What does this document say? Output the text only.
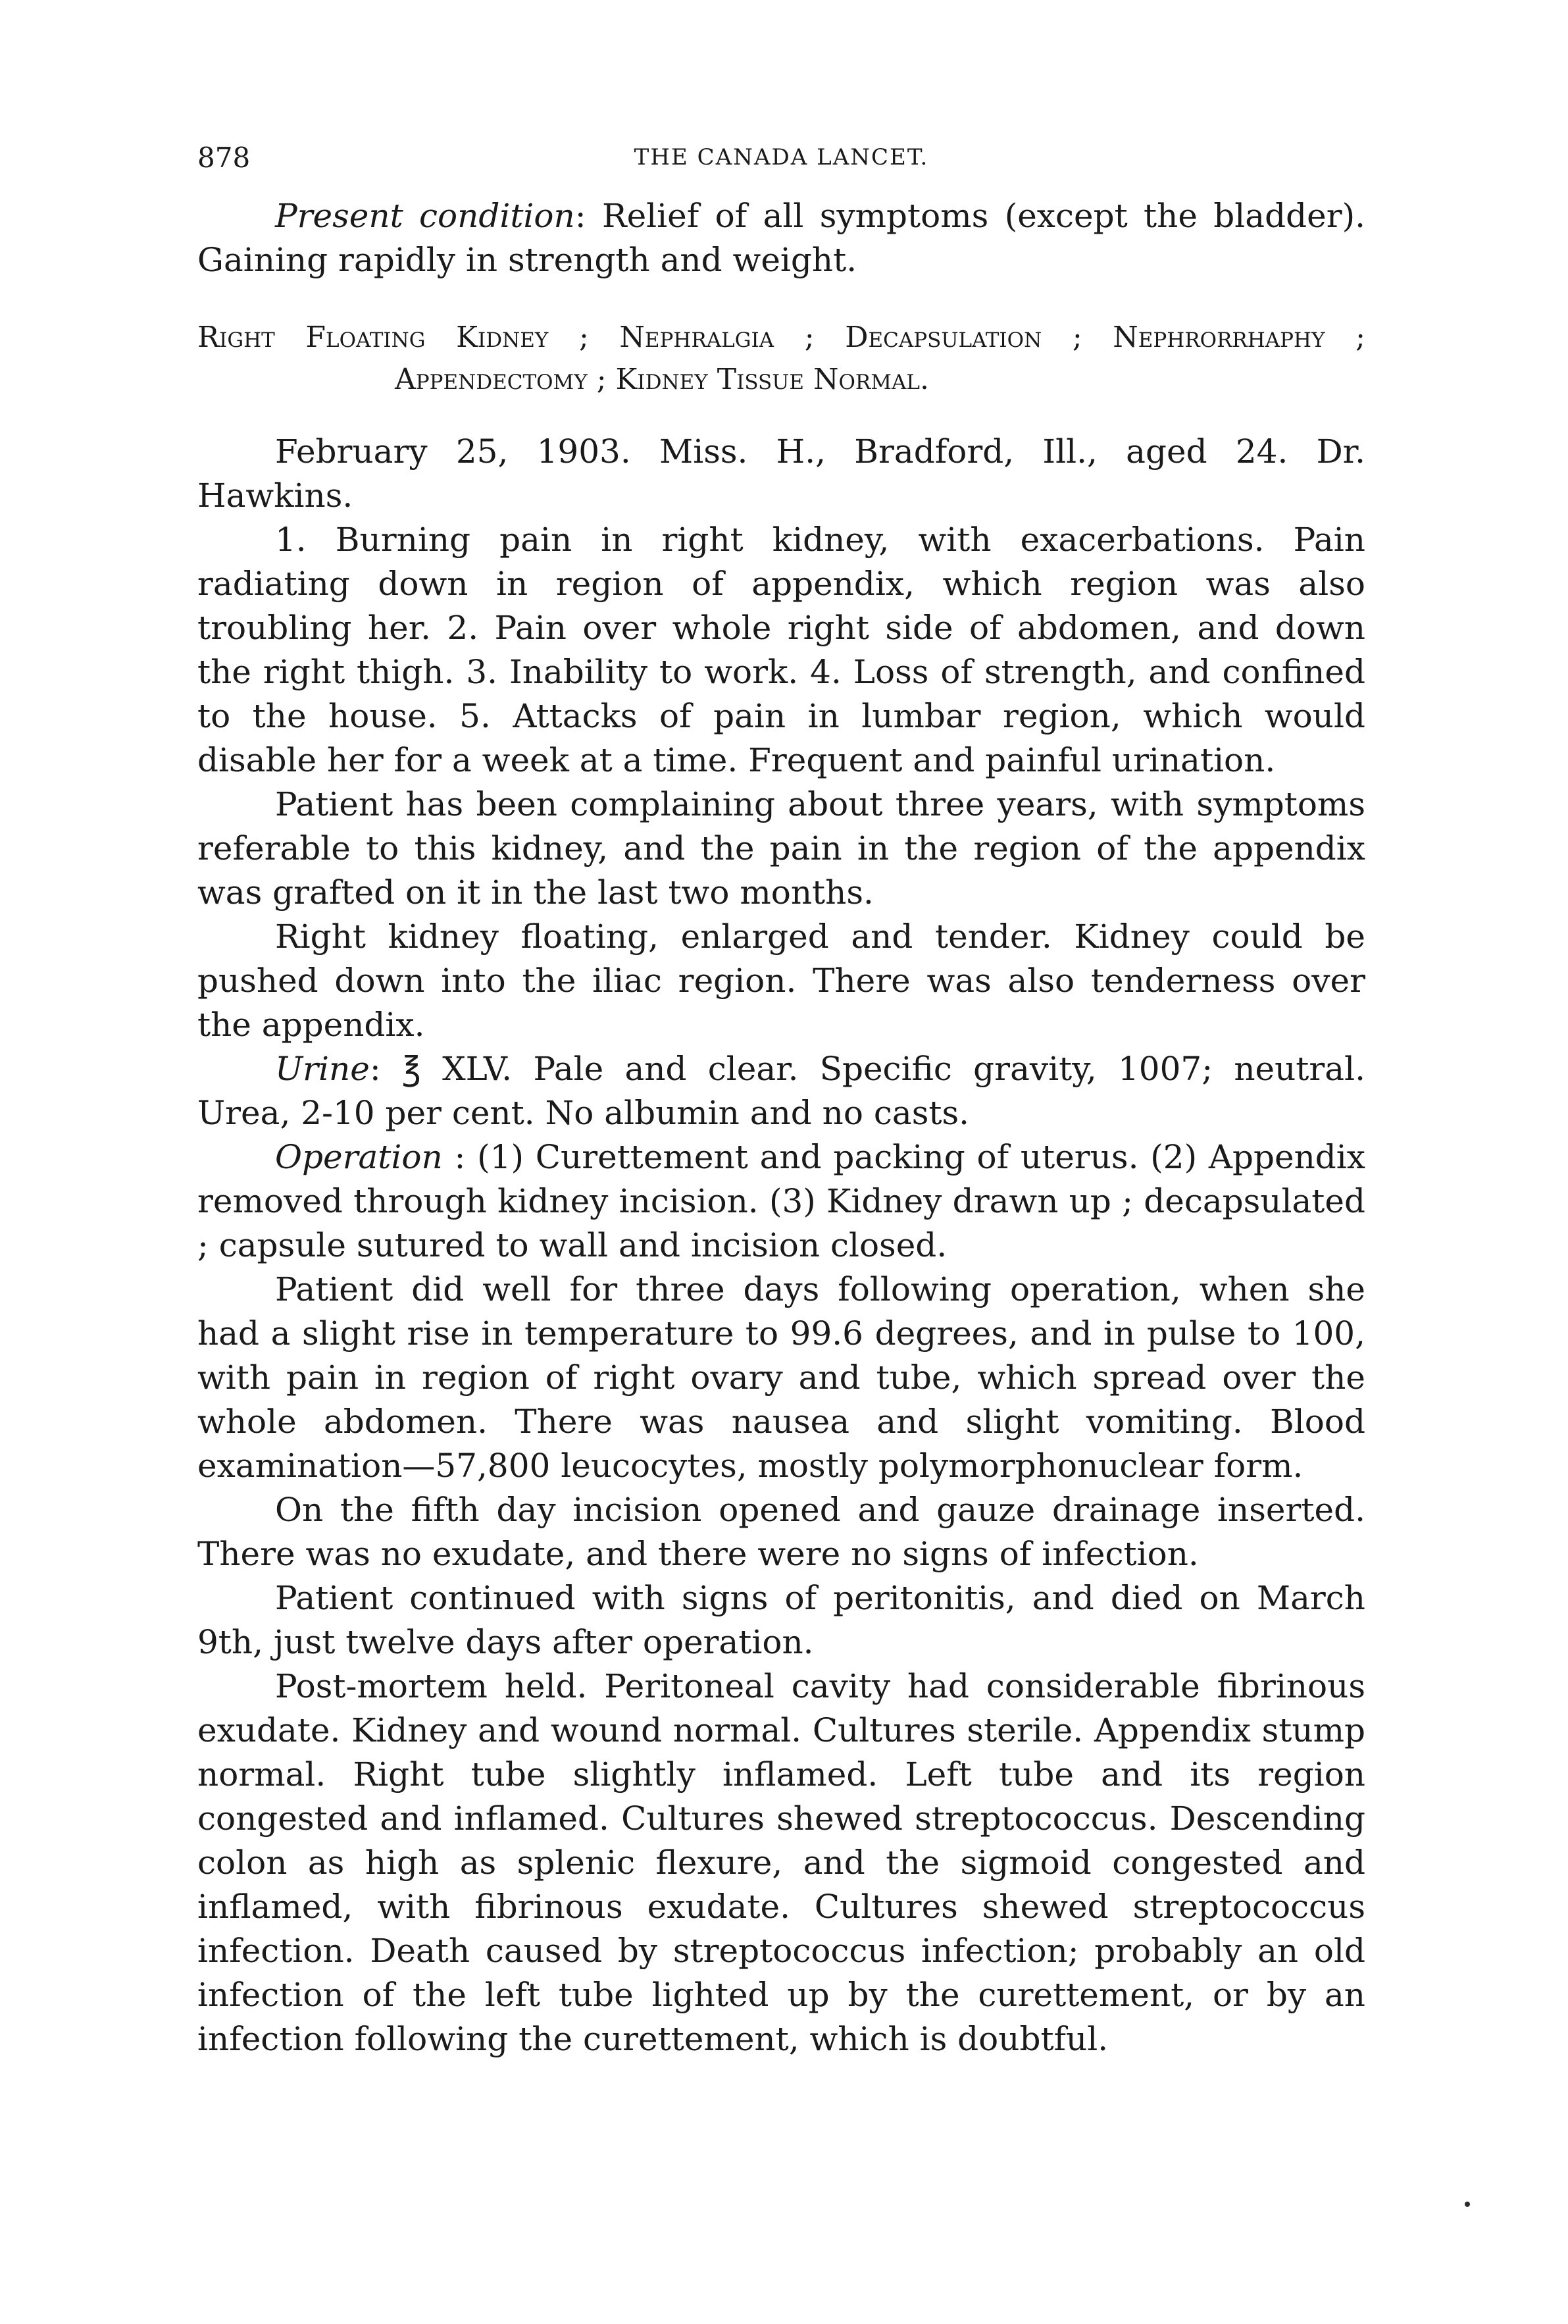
878	THE CANADA LANCET.

Present condition: Relief of all symptoms (except the bladder). Gaining rapidly in strength and weight.

Right Floating Kidney ; Nephralgia ; Decapsulation ; Nephrorrhaphy ; Appendectomy ; Kidney Tissue Normal.

February 25, 1903. Miss. H., Bradford, Ill., aged 24. Dr. Hawkins.

1. Burning pain in right kidney, with exacerbations. Pain radiating down in region of appendix, which region was also troubling her. 2. Pain over whole right side of abdomen, and down the right thigh. 3. Inability to work. 4. Loss of strength, and confined to the house. 5. Attacks of pain in lumbar region, which would disable her for a week at a time. Frequent and painful urination.

Patient has been complaining about three years, with symptoms referable to this kidney, and the pain in the region of the appendix was grafted on it in the last two months.

Right kidney floating, enlarged and tender. Kidney could be pushed down into the iliac region. There was also tenderness over the appendix.

Urine: ℥ XLV. Pale and clear. Specific gravity, 1007; neutral. Urea, 2-10 per cent. No albumin and no casts.

Operation : (1) Curettement and packing of uterus. (2) Appendix removed through kidney incision. (3) Kidney drawn up ; decapsulated ; capsule sutured to wall and incision closed.

Patient did well for three days following operation, when she had a slight rise in temperature to 99.6 degrees, and in pulse to 100, with pain in region of right ovary and tube, which spread over the whole abdomen. There was nausea and slight vomiting. Blood examination—57,800 leucocytes, mostly polymorphonuclear form.

On the fifth day incision opened and gauze drainage inserted. There was no exudate, and there were no signs of infection.

Patient continued with signs of peritonitis, and died on March 9th, just twelve days after operation.

Post-mortem held. Peritoneal cavity had considerable fibrinous exudate. Kidney and wound normal. Cultures sterile. Appendix stump normal. Right tube slightly inflamed. Left tube and its region congested and inflamed. Cultures shewed streptococcus. Descending colon as high as splenic flexure, and the sigmoid congested and inflamed, with fibrinous exudate. Cultures shewed streptococcus infection. Death caused by streptococcus infection; probably an old infection of the left tube lighted up by the curettement, or by an infection following the curettement, which is doubtful.
